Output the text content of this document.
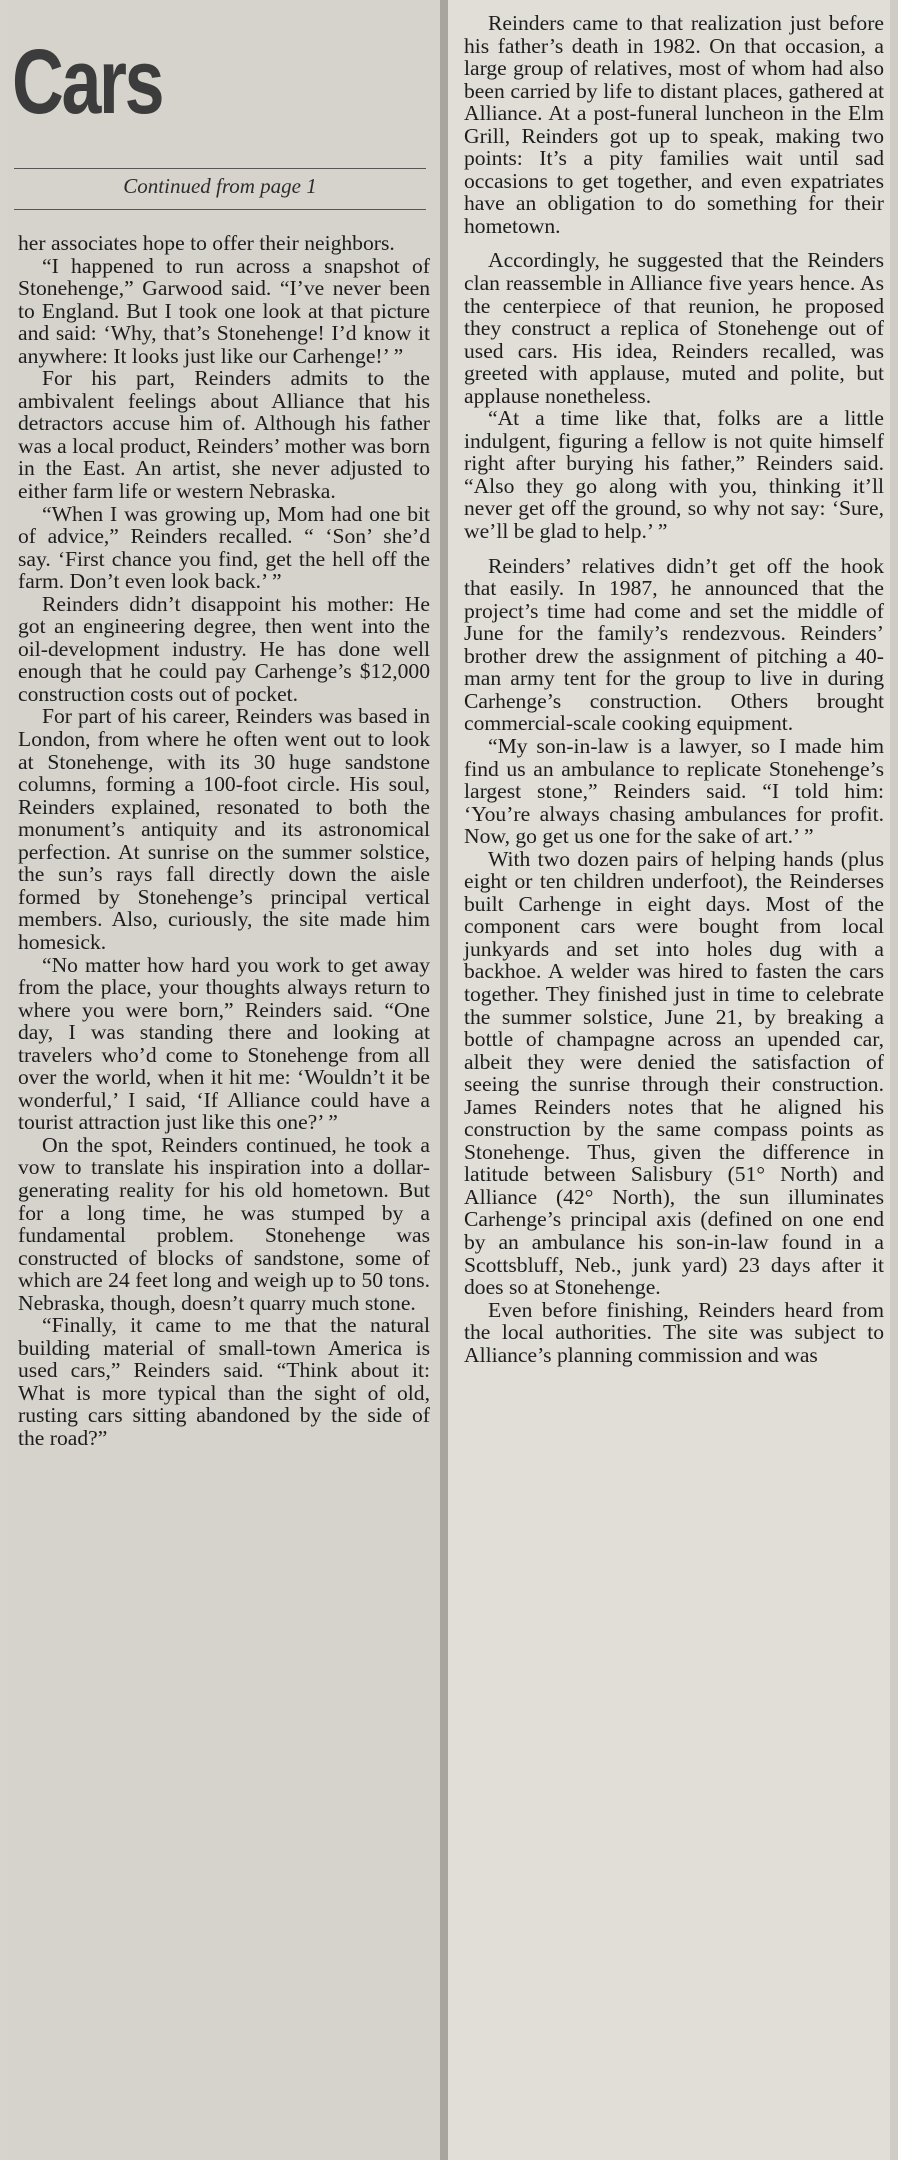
Cars
Continued from page 1

her associates hope to offer their neighbors.

“I happened to run across a snapshot of Stonehenge,” Garwood said. “I’ve never been to England. But I took one look at that picture and said: ‘Why, that’s Stonehenge! I’d know it anywhere: It looks just like our Carhenge!’ ”

For his part, Reinders admits to the ambivalent feelings about Alliance that his detractors accuse him of. Although his father was a local product, Reinders’ mother was born in the East. An artist, she never adjusted to either farm life or western Nebraska.

“When I was growing up, Mom had one bit of advice,” Reinders recalled. “ ‘Son’ she’d say. ‘First chance you find, get the hell off the farm. Don’t even look back.’ ”

Reinders didn’t disappoint his mother: He got an engineering degree, then went into the oil-development industry. He has done well enough that he could pay Carhenge’s $12,000 construction costs out of pocket.

For part of his career, Reinders was based in London, from where he often went out to look at Stonehenge, with its 30 huge sandstone columns, forming a 100-foot circle. His soul, Reinders explained, resonated to both the monument’s antiquity and its astronomical perfection. At sunrise on the summer solstice, the sun’s rays fall directly down the aisle formed by Stonehenge’s principal vertical members. Also, curiously, the site made him homesick.

“No matter how hard you work to get away from the place, your thoughts always return to where you were born,” Reinders said. “One day, I was standing there and looking at travelers who’d come to Stonehenge from all over the world, when it hit me: ‘Wouldn’t it be wonderful,’ I said, ‘If Alliance could have a tourist attraction just like this one?’ ”

On the spot, Reinders continued, he took a vow to translate his inspiration into a dollar-generating reality for his old hometown. But for a long time, he was stumped by a fundamental problem. Stonehenge was constructed of blocks of sandstone, some of which are 24 feet long and weigh up to 50 tons. Nebraska, though, doesn’t quarry much stone.

“Finally, it came to me that the natural building material of small-town America is used cars,” Reinders said. “Think about it: What is more typical than the sight of old, rusting cars sitting abandoned by the side of the road?”

Reinders came to that realization just before his father’s death in 1982. On that occasion, a large group of relatives, most of whom had also been carried by life to distant places, gathered at Alliance. At a post-funeral luncheon in the Elm Grill, Reinders got up to speak, making two points: It’s a pity families wait until sad occasions to get together, and even expatriates have an obligation to do something for their hometown.

Accordingly, he suggested that the Reinders clan reassemble in Alliance five years hence. As the centerpiece of that reunion, he proposed they construct a replica of Stonehenge out of used cars. His idea, Reinders recalled, was greeted with applause, muted and polite, but applause nonetheless.

“At a time like that, folks are a little indulgent, figuring a fellow is not quite himself right after burying his father,” Reinders said. “Also they go along with you, thinking it’ll never get off the ground, so why not say: ‘Sure, we’ll be glad to help.’ ”

Reinders’ relatives didn’t get off the hook that easily. In 1987, he announced that the project’s time had come and set the middle of June for the family’s rendezvous. Reinders’ brother drew the assignment of pitching a 40-man army tent for the group to live in during Carhenge’s construction. Others brought commercial-scale cooking equipment.

“My son-in-law is a lawyer, so I made him find us an ambulance to replicate Stonehenge’s largest stone,” Reinders said. “I told him: ‘You’re always chasing ambulances for profit. Now, go get us one for the sake of art.’ ”

With two dozen pairs of helping hands (plus eight or ten children underfoot), the Reinderses built Carhenge in eight days. Most of the component cars were bought from local junkyards and set into holes dug with a backhoe. A welder was hired to fasten the cars together. They finished just in time to celebrate the summer solstice, June 21, by breaking a bottle of champagne across an upended car, albeit they were denied the satisfaction of seeing the sunrise through their construction. James Reinders notes that he aligned his construction by the same compass points as Stonehenge. Thus, given the difference in latitude between Salisbury (51° North) and Alliance (42° North), the sun illuminates Carhenge’s principal axis (defined on one end by an ambulance his son-in-law found in a Scottsbluff, Neb., junk yard) 23 days after it does so at Stonehenge.

Even before finishing, Reinders heard from the local authorities. The site was subject to Alliance’s planning commission and was
